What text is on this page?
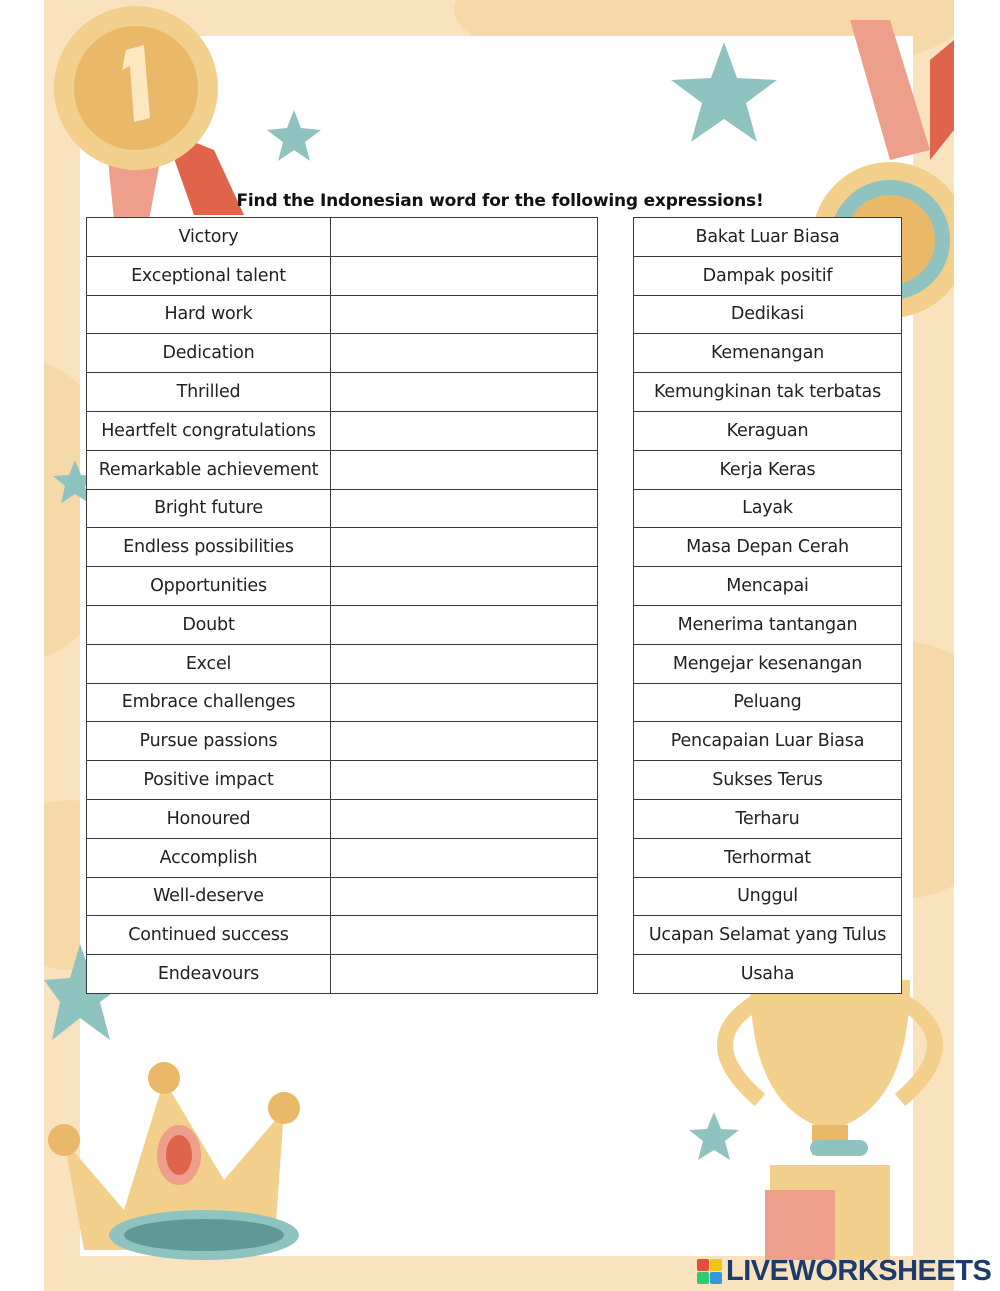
Find the Indonesian word for the following expressions!
Victory	
Exceptional talent	
Hard work	
Dedication	
Thrilled	
Heartfelt congratulations	
Remarkable achievement	
Bright future	
Endless possibilities	
Opportunities	
Doubt	
Excel	
Embrace challenges	
Pursue passions	
Positive impact	
Honoured	
Accomplish	
Well-deserve	
Continued success	
Endeavours	
Bakat Luar Biasa
Dampak positif
Dedikasi
Kemenangan
Kemungkinan tak terbatas
Keraguan
Kerja Keras
Layak
Masa Depan Cerah
Mencapai
Menerima tantangan
Mengejar kesenangan
Peluang
Pencapaian Luar Biasa
Sukses Terus
Terharu
Terhormat
Unggul
Ucapan Selamat yang Tulus
Usaha
LIVEWORKSHEETS
